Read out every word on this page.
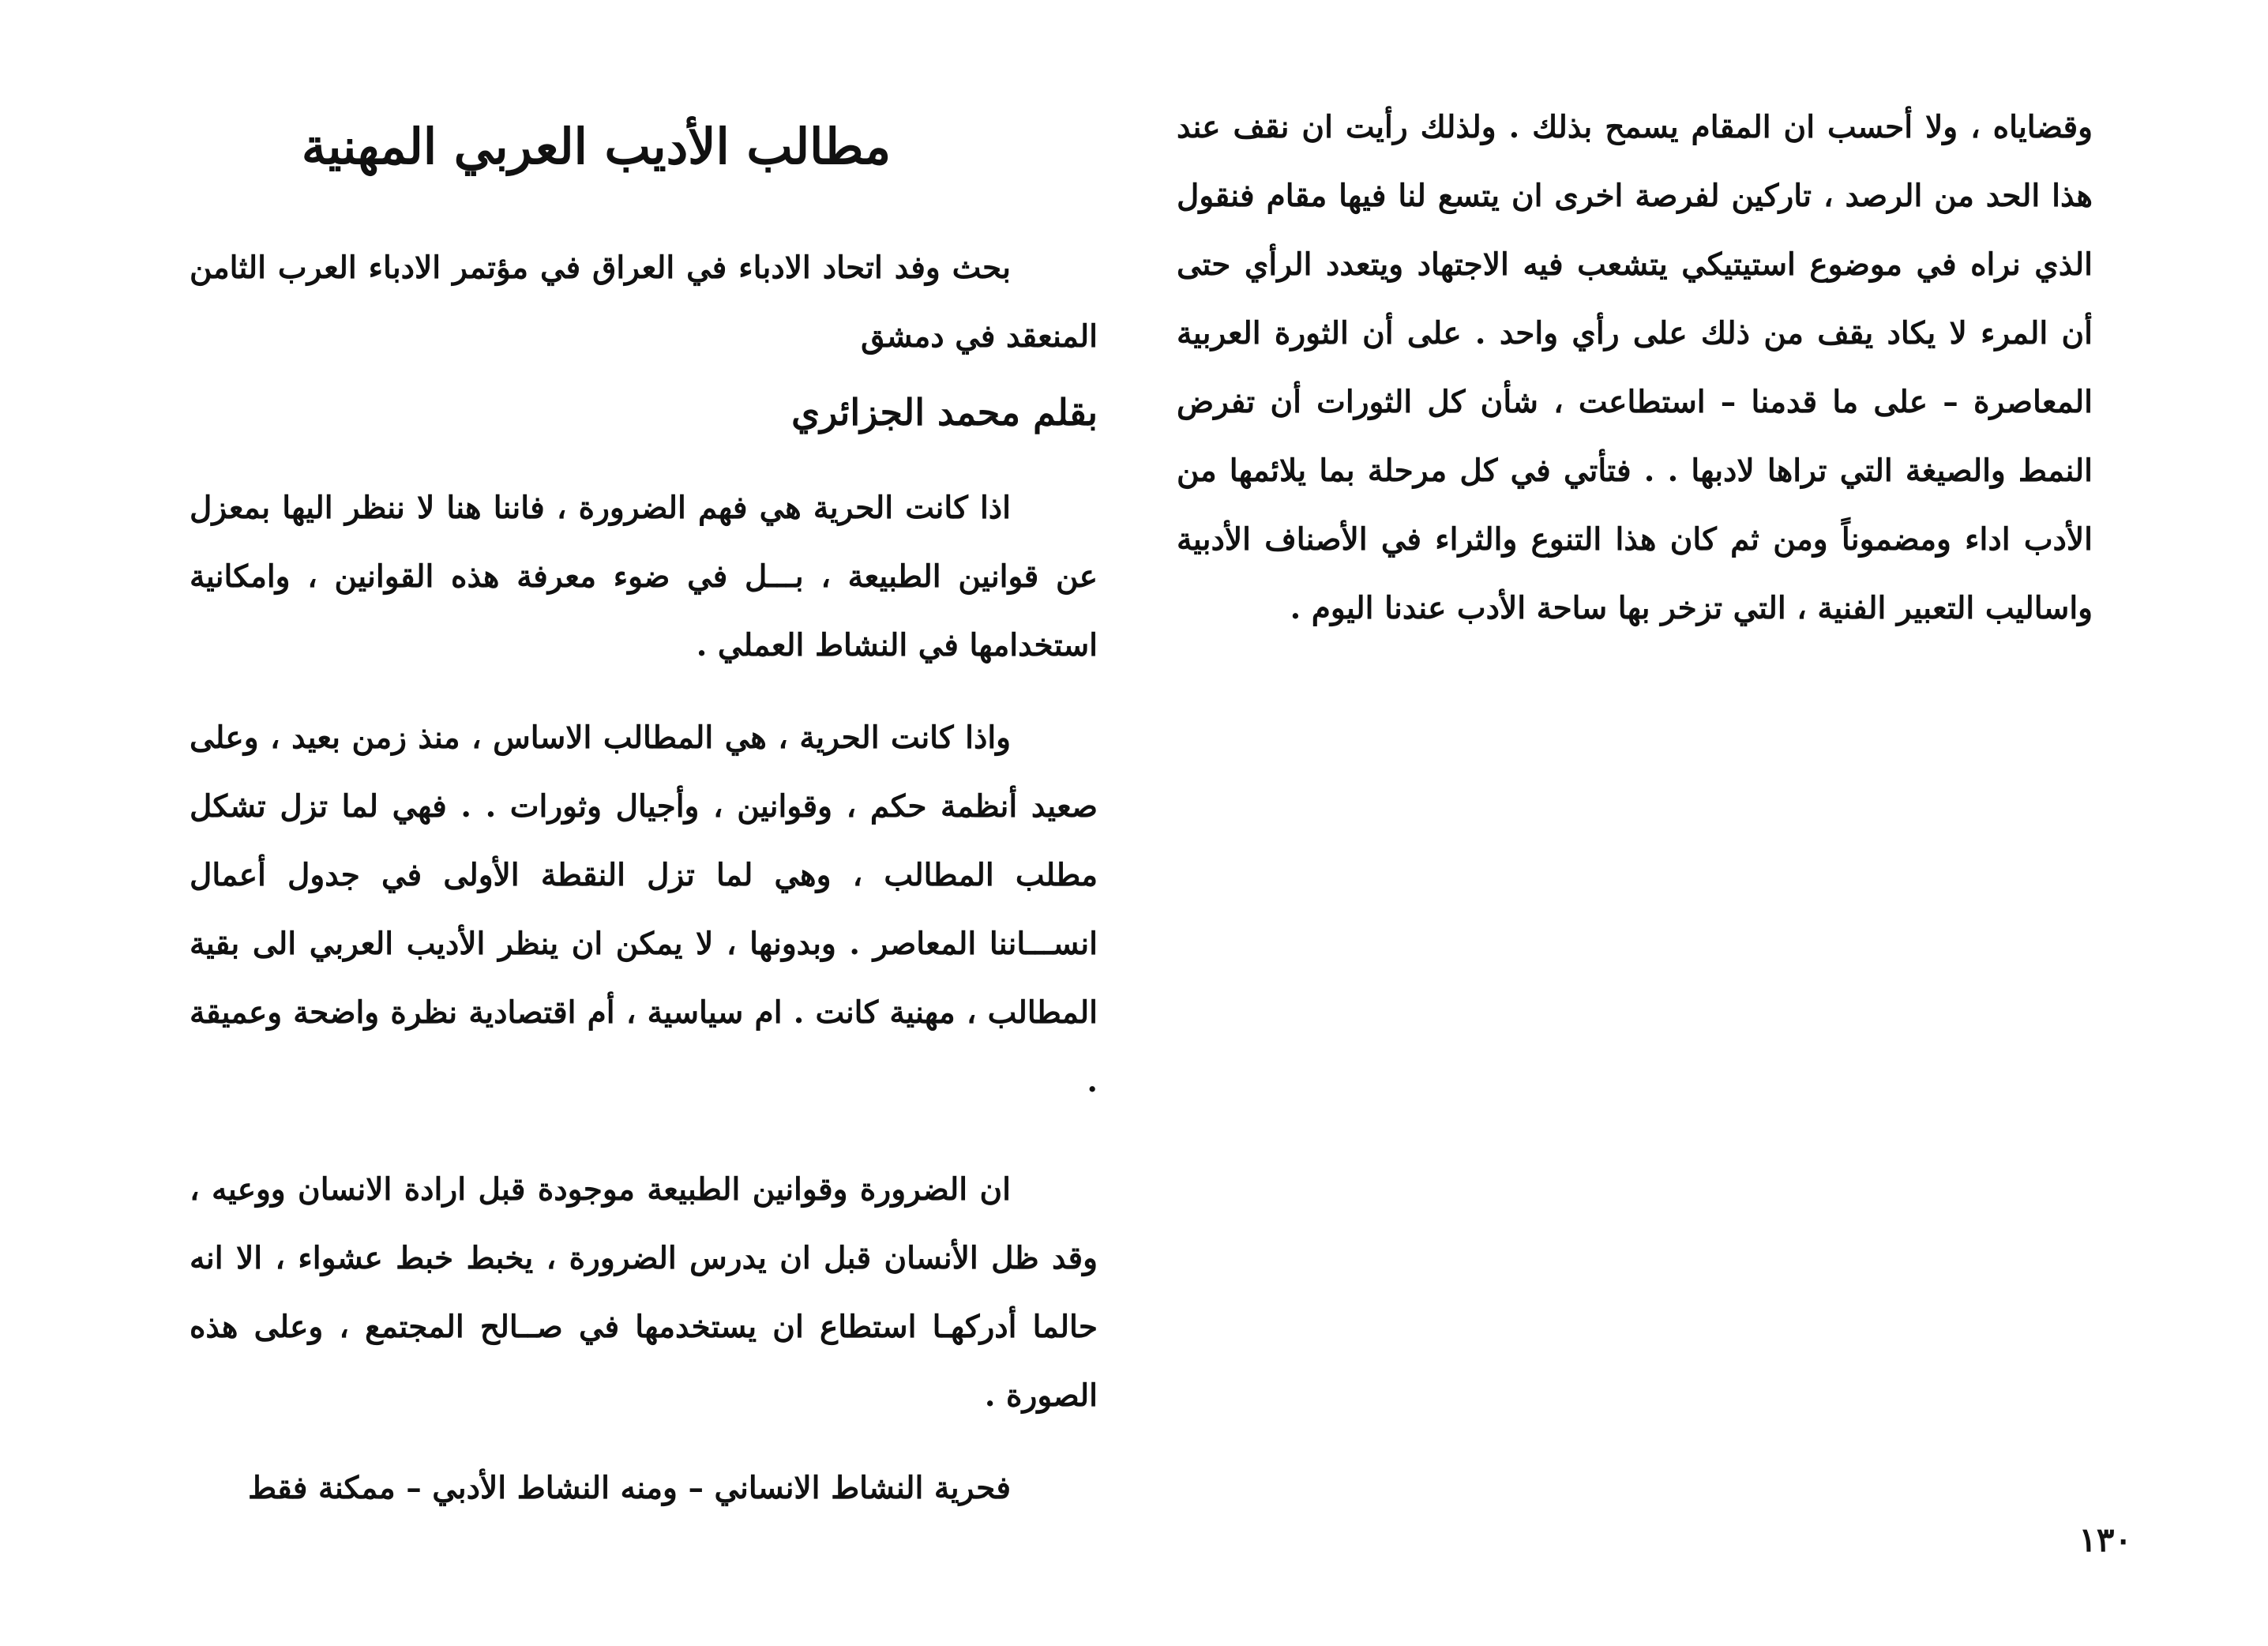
وقضاياه ، ولا أحسب ان المقام يسمح بذلك . ولذلك رأيت ان نقف عند هذا الحد من الرصد ، تاركين لفرصة اخرى ان يتسع لنا فيها مقام فنقول الذي نراه في موضوع استيتيكي يتشعب فيه الاجتهاد ويتعدد الرأي حتى أن المرء لا يكاد يقف من ذلك على رأي واحد . على أن الثورة العربية المعاصرة – على ما قدمنا – استطاعت ، شأن كل الثورات أن تفرض النمط والصيغة التي تراها لادبها . . فتأتي في كل مرحلة بما يلائمها من الأدب اداء ومضموناً ومن ثم كان هذا التنوع والثراء في الأصناف الأدبية واساليب التعبير الفنية ، التي تزخر بها ساحة الأدب عندنا اليوم .

مطالب الأديب العربي المهنية

بحث وفد اتحاد الادباء في العراق في مؤتمر الادباء العرب الثامن المنعقد في دمشق

بقلم محمد الجزائري

اذا كانت الحرية هي فهم الضرورة ، فاننا هنا لا ننظر اليها بمعزل عن قوانين الطبيعة ، بـــل في ضوء معرفة هذه القوانين ، وامكانية استخدامها في النشاط العملي .

واذا كانت الحرية ، هي المطالب الاساس ، منذ زمن بعيد ، وعلى صعيد أنظمة حكم ، وقوانين ، وأجيال وثورات . . فهي لما تزل تشكل مطلب المطالب ، وهي لما تزل النقطة الأولى في جدول أعمال انســـاننا المعاصر . وبدونها ، لا يمكن ان ينظر الأديب العربي الى بقية المطالب ، مهنية كانت . ام سياسية ، أم اقتصادية نظرة واضحة وعميقة .

ان الضرورة وقوانين الطبيعة موجودة قبل ارادة الانسان ووعيه ، وقد ظل الأنسان قبل ان يدرس الضرورة ، يخبط خبط عشواء ، الا انه حالما أدركهـا استطاع ان يستخدمها في صــالح المجتمع ، وعلى هذه الصورة .

فحرية النشاط الانساني – ومنه النشاط الأدبي – ممكنة فقط

١٣٠
